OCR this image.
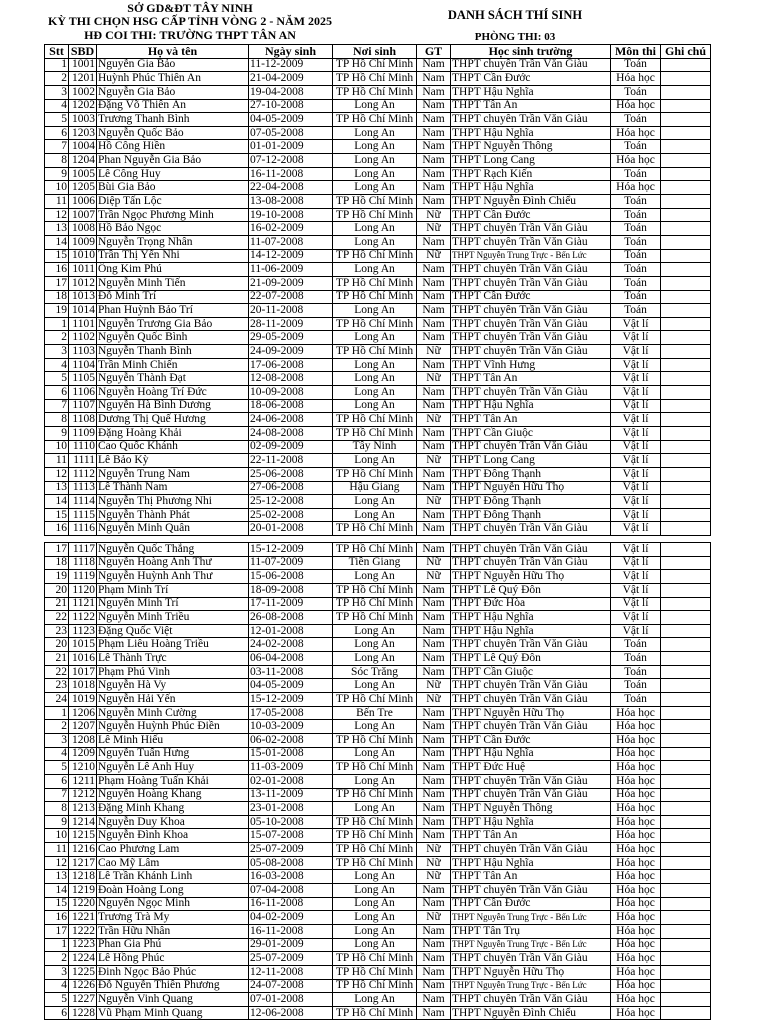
SỞ GD&ĐT TÂY NINH
KỲ THI CHỌN HSG CẤP TỈNH VÒNG 2 - NĂM 2025
HĐ COI THI: TRƯỜNG THPT TÂN AN
DANH SÁCH THÍ SINH
PHÒNG THI: 03
Stt	SBD	Họ và tên	Ngày sinh	Nơi sinh	GT	Học sinh trường	Môn thi	Ghi chú
1	1001	Nguyễn Gia Bảo	11-12-2009	TP Hồ Chí Minh	Nam	THPT chuyên Trần Văn Giàu	Toán	
2	1201	Huỳnh Phúc Thiên An	21-04-2009	TP Hồ Chí Minh	Nam	THPT Cần Đước	Hóa học	
3	1002	Nguyễn Gia Bảo	19-04-2008	TP Hồ Chí Minh	Nam	THPT Hậu Nghĩa	Toán	
4	1202	Đặng Võ Thiên Ân	27-10-2008	Long An	Nam	THPT Tân An	Hóa học	
5	1003	Trương Thanh Bình	04-05-2009	TP Hồ Chí Minh	Nam	THPT chuyên Trần Văn Giàu	Toán	
6	1203	Nguyễn Quốc Bảo	07-05-2008	Long An	Nam	THPT Hậu Nghĩa	Hóa học	
7	1004	Hồ Công Hiền	01-01-2009	Long An	Nam	THPT Nguyễn Thông	Toán	
8	1204	Phan Nguyễn Gia Bảo	07-12-2008	Long An	Nam	THPT Long Cang	Hóa học	
9	1005	Lê Công Huy	16-11-2008	Long An	Nam	THPT Rạch Kiến	Toán	
10	1205	Bùi Gia Bảo	22-04-2008	Long An	Nam	THPT Hậu Nghĩa	Hóa học	
11	1006	Diệp Tấn Lộc	13-08-2008	TP Hồ Chí Minh	Nam	THPT Nguyễn Đình Chiểu	Toán	
12	1007	Trần Ngọc Phương Minh	19-10-2008	TP Hồ Chí Minh	Nữ	THPT Cần Đước	Toán	
13	1008	Hồ Bảo Ngọc	16-02-2009	Long An	Nữ	THPT chuyên Trần Văn Giàu	Toán	
14	1009	Nguyễn Trọng Nhân	11-07-2008	Long An	Nam	THPT chuyên Trần Văn Giàu	Toán	
15	1010	Trần Thị Yến Nhi	14-12-2009	TP Hồ Chí Minh	Nữ	THPT Nguyễn Trung Trực - Bến Lức	Toán	
16	1011	Ông Kim Phú	11-06-2009	Long An	Nam	THPT chuyên Trần Văn Giàu	Toán	
17	1012	Nguyễn Minh Tiến	21-09-2009	TP Hồ Chí Minh	Nam	THPT chuyên Trần Văn Giàu	Toán	
18	1013	Đỗ Minh Trí	22-07-2008	TP Hồ Chí Minh	Nam	THPT Cần Đước	Toán	
19	1014	Phan Huỳnh Bảo Trí	20-11-2008	Long An	Nam	THPT chuyên Trần Văn Giàu	Toán	
1	1101	Nguyễn Trương Gia Bảo	28-11-2009	TP Hồ Chí Minh	Nam	THPT chuyên Trần Văn Giàu	Vật lí	
2	1102	Nguyễn Quốc Bình	29-05-2009	Long An	Nam	THPT chuyên Trần Văn Giàu	Vật lí	
3	1103	Nguyễn Thanh Bình	24-09-2009	TP Hồ Chí Minh	Nữ	THPT chuyên Trần Văn Giàu	Vật lí	
4	1104	Trần Minh Chiến	17-06-2008	Long An	Nam	THPT Vĩnh Hưng	Vật lí	
5	1105	Nguyễn Thành Đạt	12-08-2008	Long An	Nữ	THPT Tân An	Vật lí	
6	1106	Nguyễn Hoàng Trí Đức	10-09-2008	Long An	Nam	THPT chuyên Trần Văn Giàu	Vật lí	
7	1107	Nguyễn Hà Bình Dương	18-06-2008	Long An	Nam	THPT Hậu Nghĩa	Vật lí	
8	1108	Dương Thị Quế Hương	24-06-2008	TP Hồ Chí Minh	Nữ	THPT Tân An	Vật lí	
9	1109	Đặng Hoàng Khải	24-08-2008	TP Hồ Chí Minh	Nam	THPT Cần Giuộc	Vật lí	
10	1110	Cao Quốc Khánh	02-09-2009	Tây Ninh	Nam	THPT chuyên Trần Văn Giàu	Vật lí	
11	1111	Lê Bảo Kỳ	22-11-2008	Long An	Nữ	THPT Long Cang	Vật lí	
12	1112	Nguyễn Trung Nam	25-06-2008	TP Hồ Chí Minh	Nam	THPT Đông Thạnh	Vật lí	
13	1113	Lê Thành Nam	27-06-2008	Hậu Giang	Nam	THPT Nguyễn Hữu Thọ	Vật lí	
14	1114	Nguyễn Thị Phương Nhi	25-12-2008	Long An	Nữ	THPT Đông Thạnh	Vật lí	
15	1115	Nguyễn Thành Phát	25-02-2008	Long An	Nam	THPT Đông Thạnh	Vật lí	
16	1116	Nguyễn Minh Quân	20-01-2008	TP Hồ Chí Minh	Nam	THPT chuyên Trần Văn Giàu	Vật lí	
17	1117	Nguyễn Quốc Thắng	15-12-2009	TP Hồ Chí Minh	Nam	THPT chuyên Trần Văn Giàu	Vật lí	
18	1118	Nguyễn Hoàng Anh Thư	11-07-2009	Tiền Giang	Nữ	THPT chuyên Trần Văn Giàu	Vật lí	
19	1119	Nguyễn Huỳnh Anh Thư	15-06-2008	Long An	Nữ	THPT Nguyễn Hữu Thọ	Vật lí	
20	1120	Phạm Minh Trí	18-09-2008	TP Hồ Chí Minh	Nam	THPT Lê Quý Đôn	Vật lí	
21	1121	Nguyễn Minh Trí	17-11-2009	TP Hồ Chí Minh	Nam	THPT Đức Hòa	Vật lí	
22	1122	Nguyễn Minh Triều	26-08-2008	TP Hồ Chí Minh	Nam	THPT Hậu Nghĩa	Vật lí	
23	1123	Đặng Quốc Việt	12-01-2008	Long An	Nam	THPT Hậu Nghĩa	Vật lí	
20	1015	Phạm Liêu Hoàng Triều	24-02-2008	Long An	Nam	THPT chuyên Trần Văn Giàu	Toán	
21	1016	Lê Thành Trực	06-04-2008	Long An	Nam	THPT Lê Quý Đôn	Toán	
22	1017	Phạm Phú Vinh	03-11-2008	Sóc Trăng	Nam	THPT Cần Giuộc	Toán	
23	1018	Nguyễn Hà Vy	04-05-2009	Long An	Nữ	THPT chuyên Trần Văn Giàu	Toán	
24	1019	Nguyễn Hải Yến	15-12-2009	TP Hồ Chí Minh	Nữ	THPT chuyên Trần Văn Giàu	Toán	
1	1206	Nguyễn Minh Cường	17-05-2008	Bến Tre	Nam	THPT Nguyễn Hữu Thọ	Hóa học	
2	1207	Nguyễn Huỳnh Phúc Điền	10-03-2009	Long An	Nam	THPT chuyên Trần Văn Giàu	Hóa học	
3	1208	Lê Minh Hiếu	06-02-2008	TP Hồ Chí Minh	Nam	THPT Cần Đước	Hóa học	
4	1209	Nguyễn Tuấn Hưng	15-01-2008	Long An	Nam	THPT Hậu Nghĩa	Hóa học	
5	1210	Nguyễn Lê Anh Huy	11-03-2009	TP Hồ Chí Minh	Nam	THPT Đức Huệ	Hóa học	
6	1211	Phạm Hoàng Tuấn Khải	02-01-2008	Long An	Nam	THPT chuyên Trần Văn Giàu	Hóa học	
7	1212	Nguyễn Hoàng Khang	13-11-2009	TP Hồ Chí Minh	Nam	THPT chuyên Trần Văn Giàu	Hóa học	
8	1213	Đặng Minh Khang	23-01-2008	Long An	Nam	THPT Nguyễn Thông	Hóa học	
9	1214	Nguyễn Duy Khoa	05-10-2008	TP Hồ Chí Minh	Nam	THPT Hậu Nghĩa	Hóa học	
10	1215	Nguyễn Đình Khoa	15-07-2008	TP Hồ Chí Minh	Nam	THPT Tân An	Hóa học	
11	1216	Cao Phương Lam	25-07-2009	TP Hồ Chí Minh	Nữ	THPT chuyên Trần Văn Giàu	Hóa học	
12	1217	Cao Mỹ Lâm	05-08-2008	TP Hồ Chí Minh	Nữ	THPT Hậu Nghĩa	Hóa học	
13	1218	Lê Trần Khánh Linh	16-03-2008	Long An	Nữ	THPT Tân An	Hóa học	
14	1219	Đoàn Hoàng Long	07-04-2008	Long An	Nam	THPT chuyên Trần Văn Giàu	Hóa học	
15	1220	Nguyễn Ngọc Minh	16-11-2008	Long An	Nam	THPT Cần Đước	Hóa học	
16	1221	Trương Trà My	04-02-2009	Long An	Nữ	THPT Nguyễn Trung Trực - Bến Lức	Hóa học	
17	1222	Trần Hữu Nhân	16-11-2008	Long An	Nam	THPT Tân Trụ	Hóa học	
1	1223	Phan Gia Phú	29-01-2009	Long An	Nam	THPT Nguyễn Trung Trực - Bến Lức	Hóa học	
2	1224	Lê Hồng Phúc	25-07-2009	TP Hồ Chí Minh	Nam	THPT chuyên Trần Văn Giàu	Hóa học	
3	1225	Đinh Ngọc Bảo Phúc	12-11-2008	TP Hồ Chí Minh	Nam	THPT Nguyễn Hữu Thọ	Hóa học	
4	1226	Đỗ Nguyễn Thiên Phương	24-07-2008	TP Hồ Chí Minh	Nam	THPT Nguyễn Trung Trực - Bến Lức	Hóa học	
5	1227	Nguyễn Vinh Quang	07-01-2008	Long An	Nam	THPT chuyên Trần Văn Giàu	Hóa học	
6	1228	Vũ Phạm Minh Quang	12-06-2008	TP Hồ Chí Minh	Nam	THPT Nguyễn Đình Chiểu	Hóa học	
